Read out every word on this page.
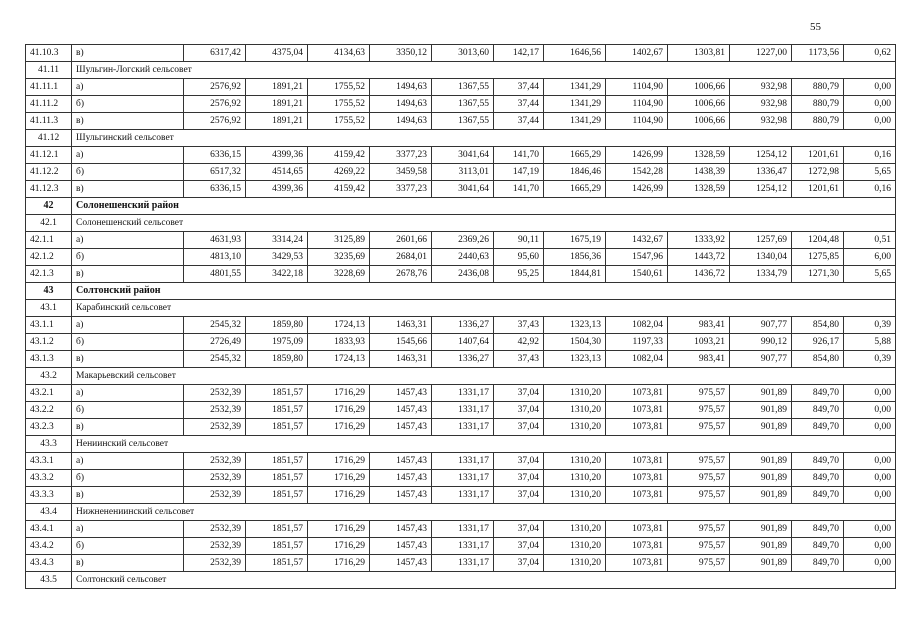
55
41.10.3	в)	6317,42	4375,04	4134,63	3350,12	3013,60	142,17	1646,56	1402,67	1303,81	1227,00	1173,56	0,62
41.11	Шульгин-Логский сельсовет												
41.11.1	а)	2576,92	1891,21	1755,52	1494,63	1367,55	37,44	1341,29	1104,90	1006,66	932,98	880,79	0,00
41.11.2	б)	2576,92	1891,21	1755,52	1494,63	1367,55	37,44	1341,29	1104,90	1006,66	932,98	880,79	0,00
41.11.3	в)	2576,92	1891,21	1755,52	1494,63	1367,55	37,44	1341,29	1104,90	1006,66	932,98	880,79	0,00
41.12	Шульгинский сельсовет												
41.12.1	а)	6336,15	4399,36	4159,42	3377,23	3041,64	141,70	1665,29	1426,99	1328,59	1254,12	1201,61	0,16
41.12.2	б)	6517,32	4514,65	4269,22	3459,58	3113,01	147,19	1846,46	1542,28	1438,39	1336,47	1272,98	5,65
41.12.3	в)	6336,15	4399,36	4159,42	3377,23	3041,64	141,70	1665,29	1426,99	1328,59	1254,12	1201,61	0,16
42	Солонешенский район												
42.1	Солонешенский сельсовет												
42.1.1	а)	4631,93	3314,24	3125,89	2601,66	2369,26	90,11	1675,19	1432,67	1333,92	1257,69	1204,48	0,51
42.1.2	б)	4813,10	3429,53	3235,69	2684,01	2440,63	95,60	1856,36	1547,96	1443,72	1340,04	1275,85	6,00
42.1.3	в)	4801,55	3422,18	3228,69	2678,76	2436,08	95,25	1844,81	1540,61	1436,72	1334,79	1271,30	5,65
43	Солтонский район												
43.1	Карабинский сельсовет												
43.1.1	а)	2545,32	1859,80	1724,13	1463,31	1336,27	37,43	1323,13	1082,04	983,41	907,77	854,80	0,39
43.1.2	б)	2726,49	1975,09	1833,93	1545,66	1407,64	42,92	1504,30	1197,33	1093,21	990,12	926,17	5,88
43.1.3	в)	2545,32	1859,80	1724,13	1463,31	1336,27	37,43	1323,13	1082,04	983,41	907,77	854,80	0,39
43.2	Макарьевский сельсовет												
43.2.1	а)	2532,39	1851,57	1716,29	1457,43	1331,17	37,04	1310,20	1073,81	975,57	901,89	849,70	0,00
43.2.2	б)	2532,39	1851,57	1716,29	1457,43	1331,17	37,04	1310,20	1073,81	975,57	901,89	849,70	0,00
43.2.3	в)	2532,39	1851,57	1716,29	1457,43	1331,17	37,04	1310,20	1073,81	975,57	901,89	849,70	0,00
43.3	Нениинский сельсовет												
43.3.1	а)	2532,39	1851,57	1716,29	1457,43	1331,17	37,04	1310,20	1073,81	975,57	901,89	849,70	0,00
43.3.2	б)	2532,39	1851,57	1716,29	1457,43	1331,17	37,04	1310,20	1073,81	975,57	901,89	849,70	0,00
43.3.3	в)	2532,39	1851,57	1716,29	1457,43	1331,17	37,04	1310,20	1073,81	975,57	901,89	849,70	0,00
43.4	Нижненениинский сельсовет												
43.4.1	а)	2532,39	1851,57	1716,29	1457,43	1331,17	37,04	1310,20	1073,81	975,57	901,89	849,70	0,00
43.4.2	б)	2532,39	1851,57	1716,29	1457,43	1331,17	37,04	1310,20	1073,81	975,57	901,89	849,70	0,00
43.4.3	в)	2532,39	1851,57	1716,29	1457,43	1331,17	37,04	1310,20	1073,81	975,57	901,89	849,70	0,00
43.5	Солтонский сельсовет												
